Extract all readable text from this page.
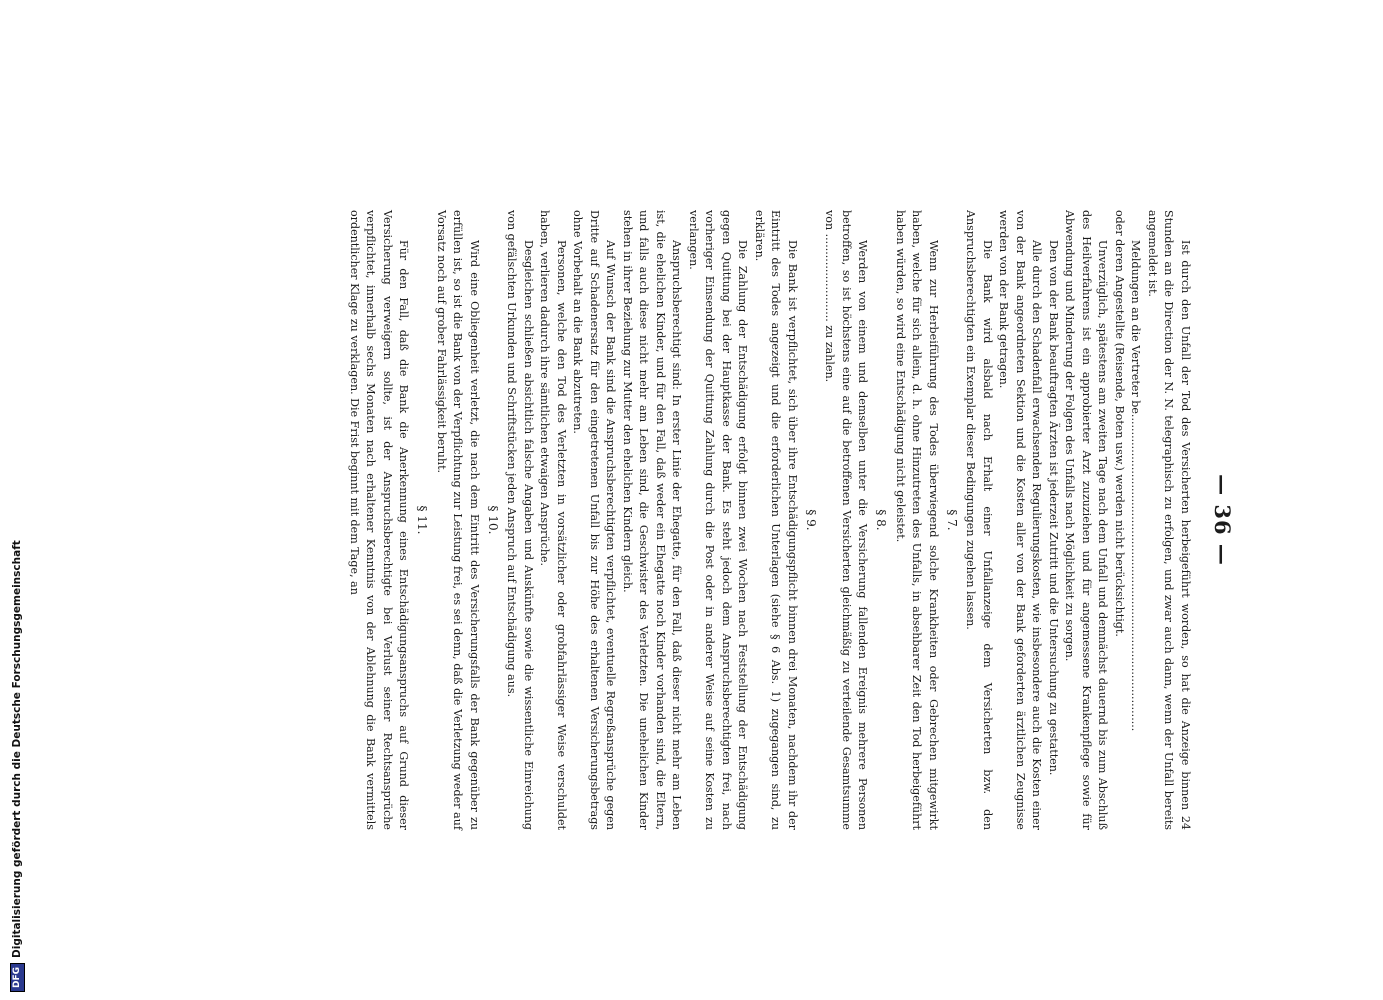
— 36 —

Ist durch den Unfall der Tod des Versicherten herbeigeführt worden, so hat die Anzeige binnen 24 Stunden an die Direction der N. N. telegraphisch zu erfolgen, und zwar auch dann, wenn der Unfall bereits angemeldet ist.

Meldungen an die Vertreter be..........................................................................................

oder deren Angestellte (Reisende, Boten usw.) werden nicht berücksichtigt.

Unverzüglich, spätestens am zweiten Tage nach dem Unfall und demnächst dauernd bis zum Abschluß des Heilverfahrens ist ein approbierter Arzt zuzuziehen und für angemessene Krankenpflege sowie für Abwendung und Minderung der Folgen des Unfalls nach Möglichkeit zu sorgen.

Den von der Bank beauftragten Ärzten ist jederzeit Zutritt und die Untersuchung zu gestatten.

Alle durch den Schadenfall erwachsenden Regulierungskosten, wie insbesondere auch die Kosten einer von der Bank angeordneten Sektion und die Kosten aller von der Bank geforderten ärztlichen Zeugnisse werden von der Bank getragen.

Die Bank wird alsbald nach Erhalt einer Unfallanzeige dem Versicherten bzw. den Anspruchsberechtigten ein Exemplar dieser Bedingungen zugehen lassen.

§ 7.

Wenn zur Herbeiführung des Todes überwiegend solche Krankheiten oder Gebrechen mitgewirkt haben, welche für sich allein, d. h. ohne Hinzutreten des Unfalls, in absehbarer Zeit den Tod herbeigeführt haben würden, so wird eine Entschädigung nicht geleistet.

§ 8.

Werden von einem und demselben unter die Versicherung fallenden Ereignis mehrere Personen betroffen, so ist höchstens eine auf die betroffenen Versicherten gleichmäßig zu verteilende Gesamtsumme von ......................... zu zahlen.

§ 9.

Die Bank ist verpflichtet, sich über ihre Entschädigungspflicht binnen drei Monaten, nachdem ihr der Eintritt des Todes angezeigt und die erforderlichen Unterlagen (siehe § 6 Abs. 1) zugegangen sind, zu erklären.

Die Zahlung der Entschädigung erfolgt binnen zwei Wochen nach Feststellung der Entschädigung gegen Quittung bei der Hauptkasse der Bank. Es steht jedoch dem Anspruchsberechtigten frei, nach vorheriger Einsendung der Quittung Zahlung durch die Post oder in anderer Weise auf seine Kosten zu verlangen.

Anspruchsberechtigt sind: In erster Linie der Ehegatte, für den Fall, daß dieser nicht mehr am Leben ist, die ehelichen Kinder, und für den Fall, daß weder ein Ehegatte noch Kinder vorhanden sind, die Eltern, und falls auch diese nicht mehr am Leben sind, die Geschwister des Verletzten. Die unehelichen Kinder stehen in ihrer Beziehung zur Mutter den ehelichen Kindern gleich.

Auf Wunsch der Bank sind die Anspruchsberechtigten verpflichtet, eventuelle Regreßansprüche gegen Dritte auf Schadenersatz für den eingetretenen Unfall bis zur Höhe des erhaltenen Versicherungsbetrags ohne Vorbehalt an die Bank abzutreten.

Personen, welche den Tod des Verletzten in vorsätzlicher oder grobfahrlässiger Weise verschuldet haben, verlieren dadurch ihre sämtlichen etwaigen Ansprüche.

Desgleichen schließen absichtlich falsche Angaben und Auskünfte sowie die wissentliche Einreichung von gefälschten Urkunden und Schriftstücken jeden Anspruch auf Entschädigung aus.

§ 10.

Wird eine Obliegenheit verletzt, die nach dem Eintritt des Versicherungsfalls der Bank gegenüber zu erfüllen ist, so ist die Bank von der Verpflichtung zur Leistung frei, es sei denn, daß die Verletzung weder auf Vorsatz noch auf grober Fahrlässigkeit beruht.

§ 11.

Für den Fall, daß die Bank die Anerkennung eines Entschädigungsanspruchs auf Grund dieser Versicherung verweigern sollte, ist der Anspruchsberechtigte bei Verlust seiner Rechtsansprüche verpflichtet, innerhalb sechs Monaten nach erhaltener Kenntnis von der Ablehnung die Bank vermittels ordentlicher Klage zu verklagen. Die Frist beginnt mit dem Tage, an

DFGDigitalisierung gefördert durch die Deutsche Forschungsgemeinschaft
